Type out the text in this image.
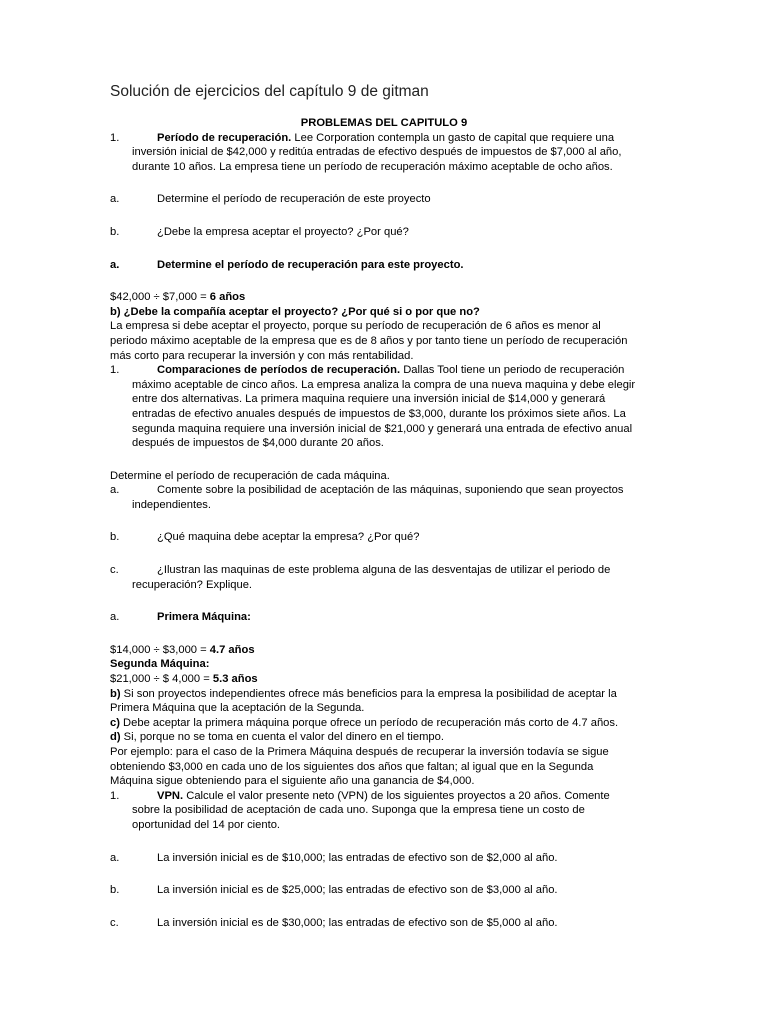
Solución de ejercicios del capítulo 9 de gitman

PROBLEMAS DEL CAPITULO 9

1.	Período de recuperación. Lee Corporation contempla un gasto de capital que requiere una
inversión inicial de $42,000 y reditúa entradas de efectivo después de impuestos de $7,000 al año,
durante 10 años. La empresa tiene un período de recuperación máximo aceptable de ocho años.
a.	Determine el período de recuperación de este proyecto
b.	¿Debe la empresa aceptar el proyecto? ¿Por qué?
a.	Determine el período de recuperación para este proyecto.

$42,000 ÷ $7,000 = 6 años

b) ¿Debe la compañía aceptar el proyecto? ¿Por qué si o por que no?

La empresa si debe aceptar el proyecto, porque su período de recuperación de 6 años es menor al
periodo máximo aceptable de la empresa que es de 8 años y por tanto tiene un período de recuperación
más corto para recuperar la inversión y con más rentabilidad.

1.	Comparaciones de períodos de recuperación. Dallas Tool tiene un periodo de recuperación
máximo aceptable de cinco años. La empresa analiza la compra de una nueva maquina y debe elegir
entre dos alternativas. La primera maquina requiere una inversión inicial de $14,000 y generará
entradas de efectivo anuales después de impuestos de $3,000, durante los próximos siete años. La
segunda maquina requiere una inversión inicial de $21,000 y generará una entrada de efectivo anual
después de impuestos de $4,000 durante 20 años.

Determine el período de recuperación de cada máquina.

a.	Comente sobre la posibilidad de aceptación de las máquinas, suponiendo que sean proyectos
independientes.
b.	¿Qué maquina debe aceptar la empresa? ¿Por qué?
c.	¿Ilustran las maquinas de este problema alguna de las desventajas de utilizar el periodo de
recuperación? Explique.
a.	Primera Máquina:

$14,000 ÷ $3,000 = 4.7 años

Segunda Máquina:

$21,000 ÷ $ 4,000 = 5.3 años

b) Si son proyectos independientes ofrece más beneficios para la empresa la posibilidad de aceptar la
Primera Máquina que la aceptación de la Segunda.

c) Debe aceptar la primera máquina porque ofrece un período de recuperación más corto de 4.7 años.

d) Si, porque no se toma en cuenta el valor del dinero en el tiempo.

Por ejemplo: para el caso de la Primera Máquina después de recuperar la inversión todavía se sigue
obteniendo $3,000 en cada uno de los siguientes dos años que faltan; al igual que en la Segunda
Máquina sigue obteniendo para el siguiente año una ganancia de $4,000.

1.	VPN. Calcule el valor presente neto (VPN) de los siguientes proyectos a 20 años. Comente
sobre la posibilidad de aceptación de cada uno. Suponga que la empresa tiene un costo de
oportunidad del 14 por ciento.
a.	La inversión inicial es de $10,000; las entradas de efectivo son de $2,000 al año.
b.	La inversión inicial es de $25,000; las entradas de efectivo son de $3,000 al año.
c.	La inversión inicial es de $30,000; las entradas de efectivo son de $5,000 al año.
